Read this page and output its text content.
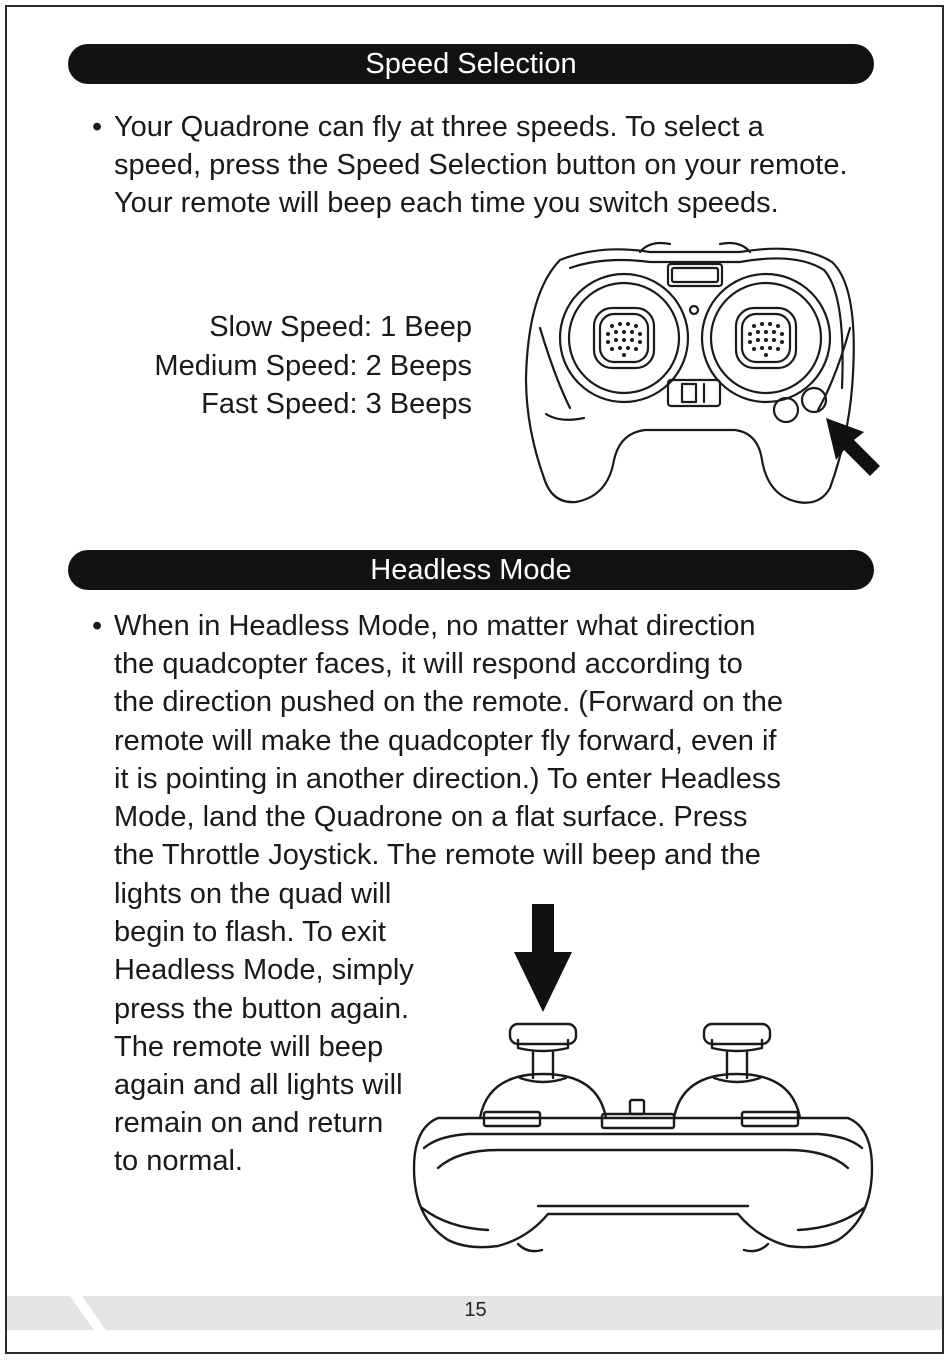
Speed Selection
• Your Quadrone can fly at three speeds. To select a speed, press the Speed Selection button on your remote. Your remote will beep each time you switch speeds.
Slow Speed: 1 Beep
Medium Speed: 2 Beeps
Fast Speed: 3 Beeps
Headless Mode
• When in Headless Mode, no matter what direction
the quadcopter faces, it will respond according to
the direction pushed on the remote. (Forward on the
remote will make the quadcopter fly forward, even if
it is pointing in another direction.) To enter Headless
Mode, land the Quadrone on a flat surface. Press
the Throttle Joystick. The remote will beep and the
lights on the quad will
begin to flash. To exit
Headless Mode, simply
press the button again.
The remote will beep
again and all lights will
remain on and return
to normal.
15
